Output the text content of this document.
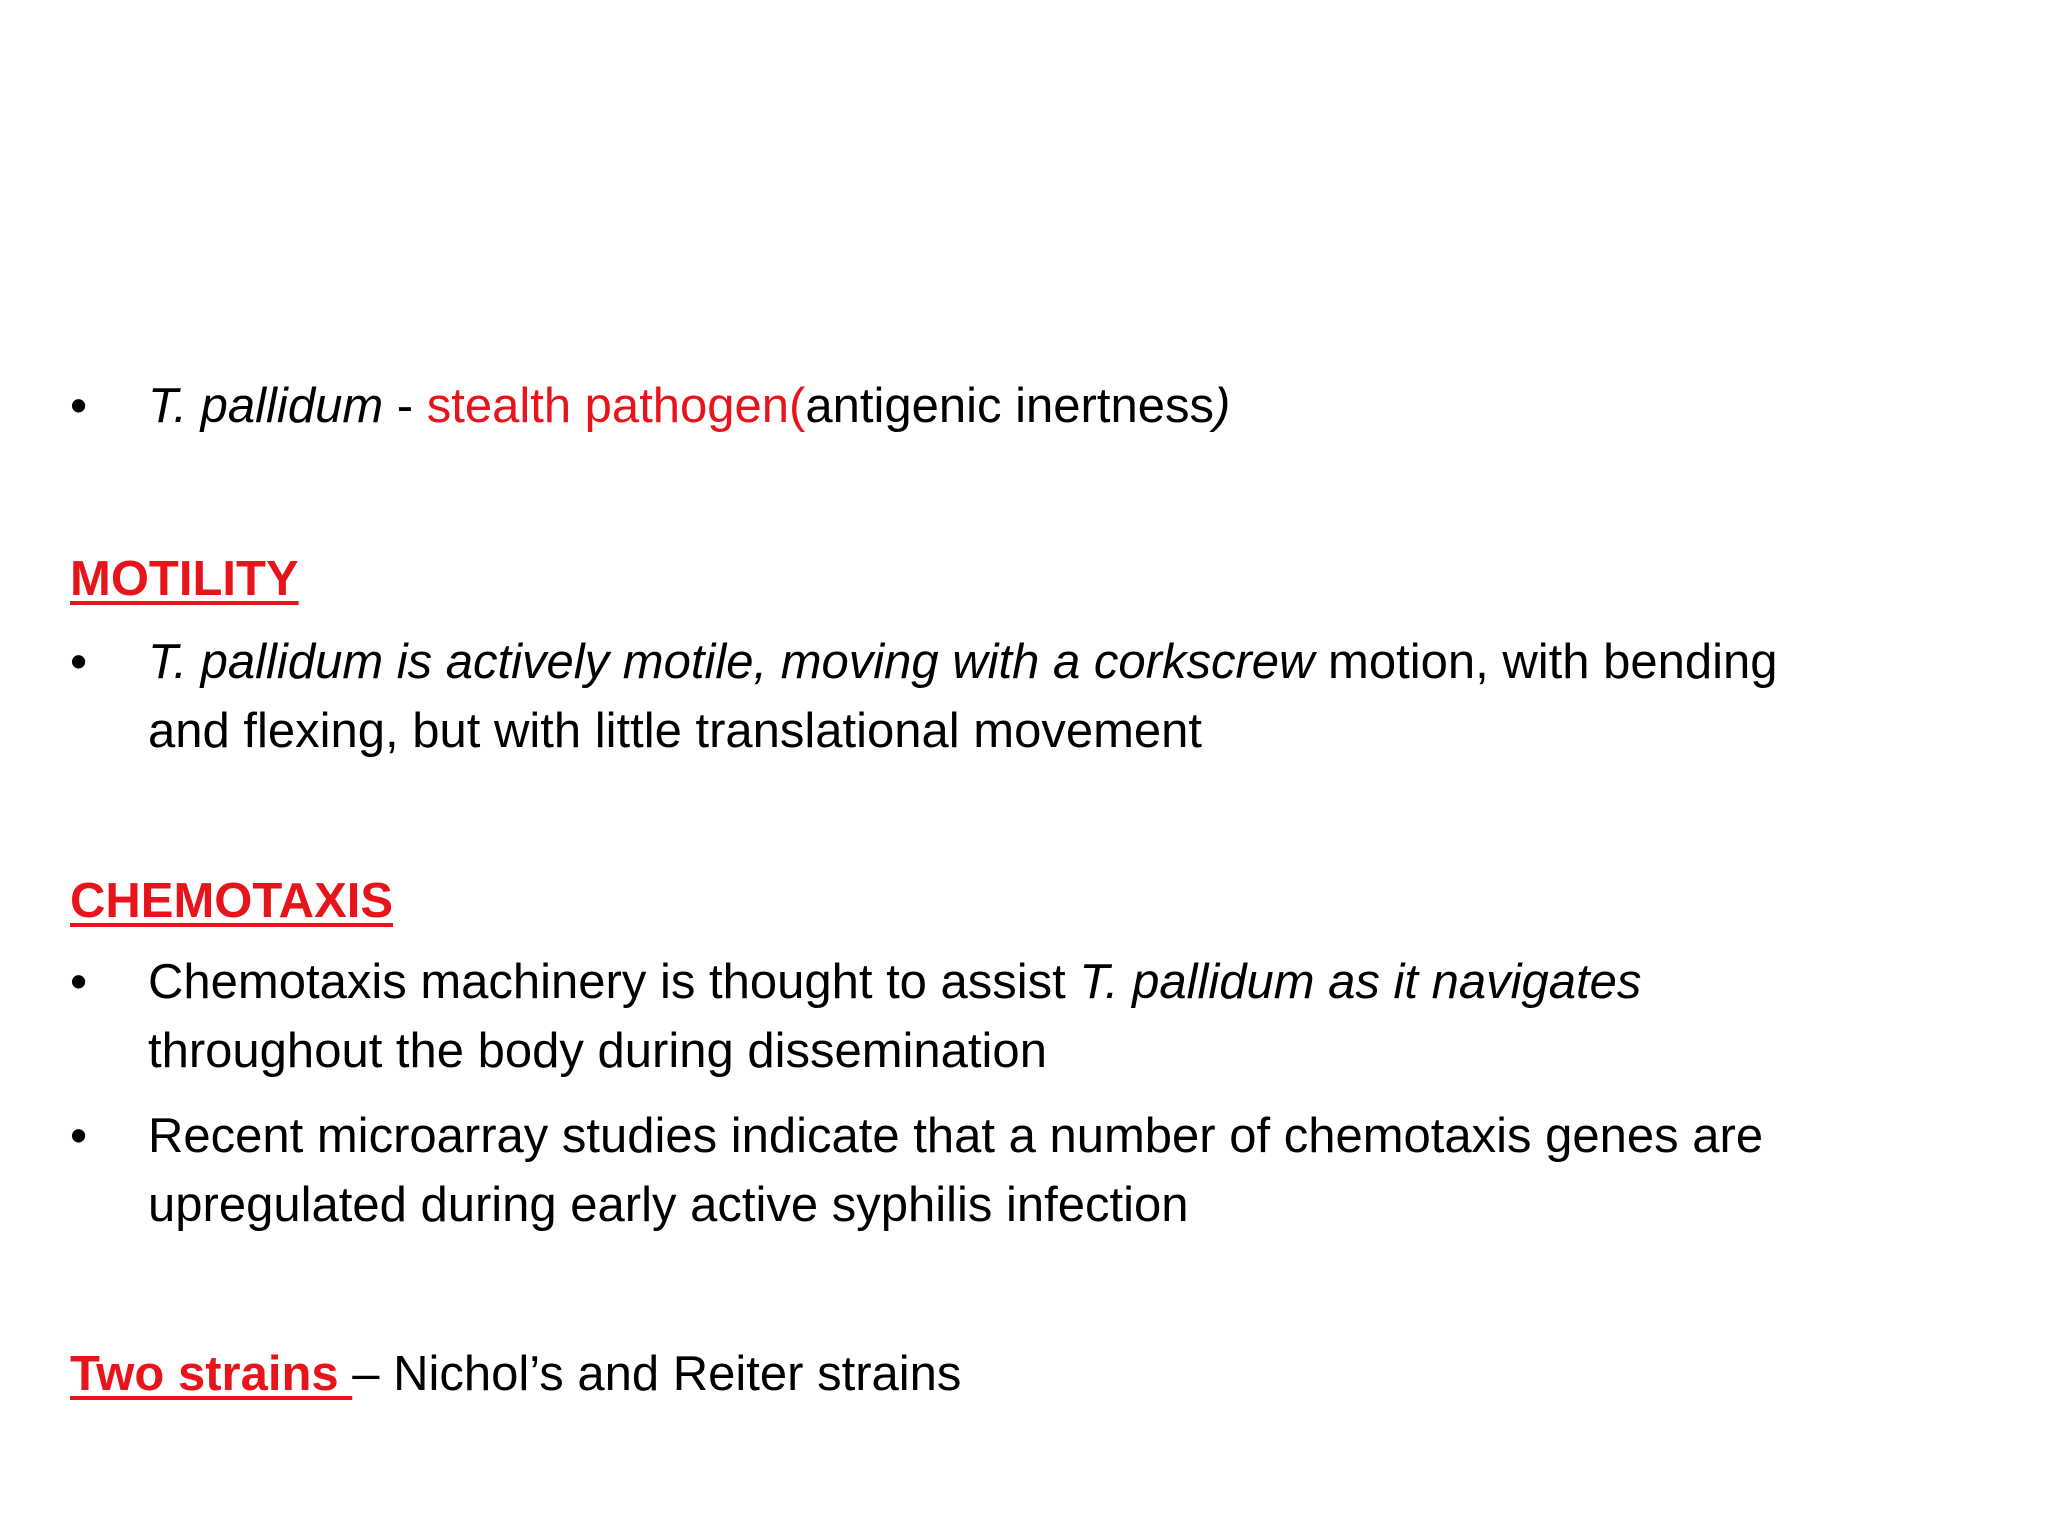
• T. pallidum - stealth pathogen(antigenic inertness)
MOTILITY
• T. pallidum is actively motile, moving with a corkscrew motion, with bending
and flexing, but with little translational movement
CHEMOTAXIS
• Chemotaxis machinery is thought to assist T. pallidum as it navigates
throughout the body during dissemination
• Recent microarray studies indicate that a number of chemotaxis genes are
upregulated during early active syphilis infection
Two strains – Nichol’s and Reiter strains
